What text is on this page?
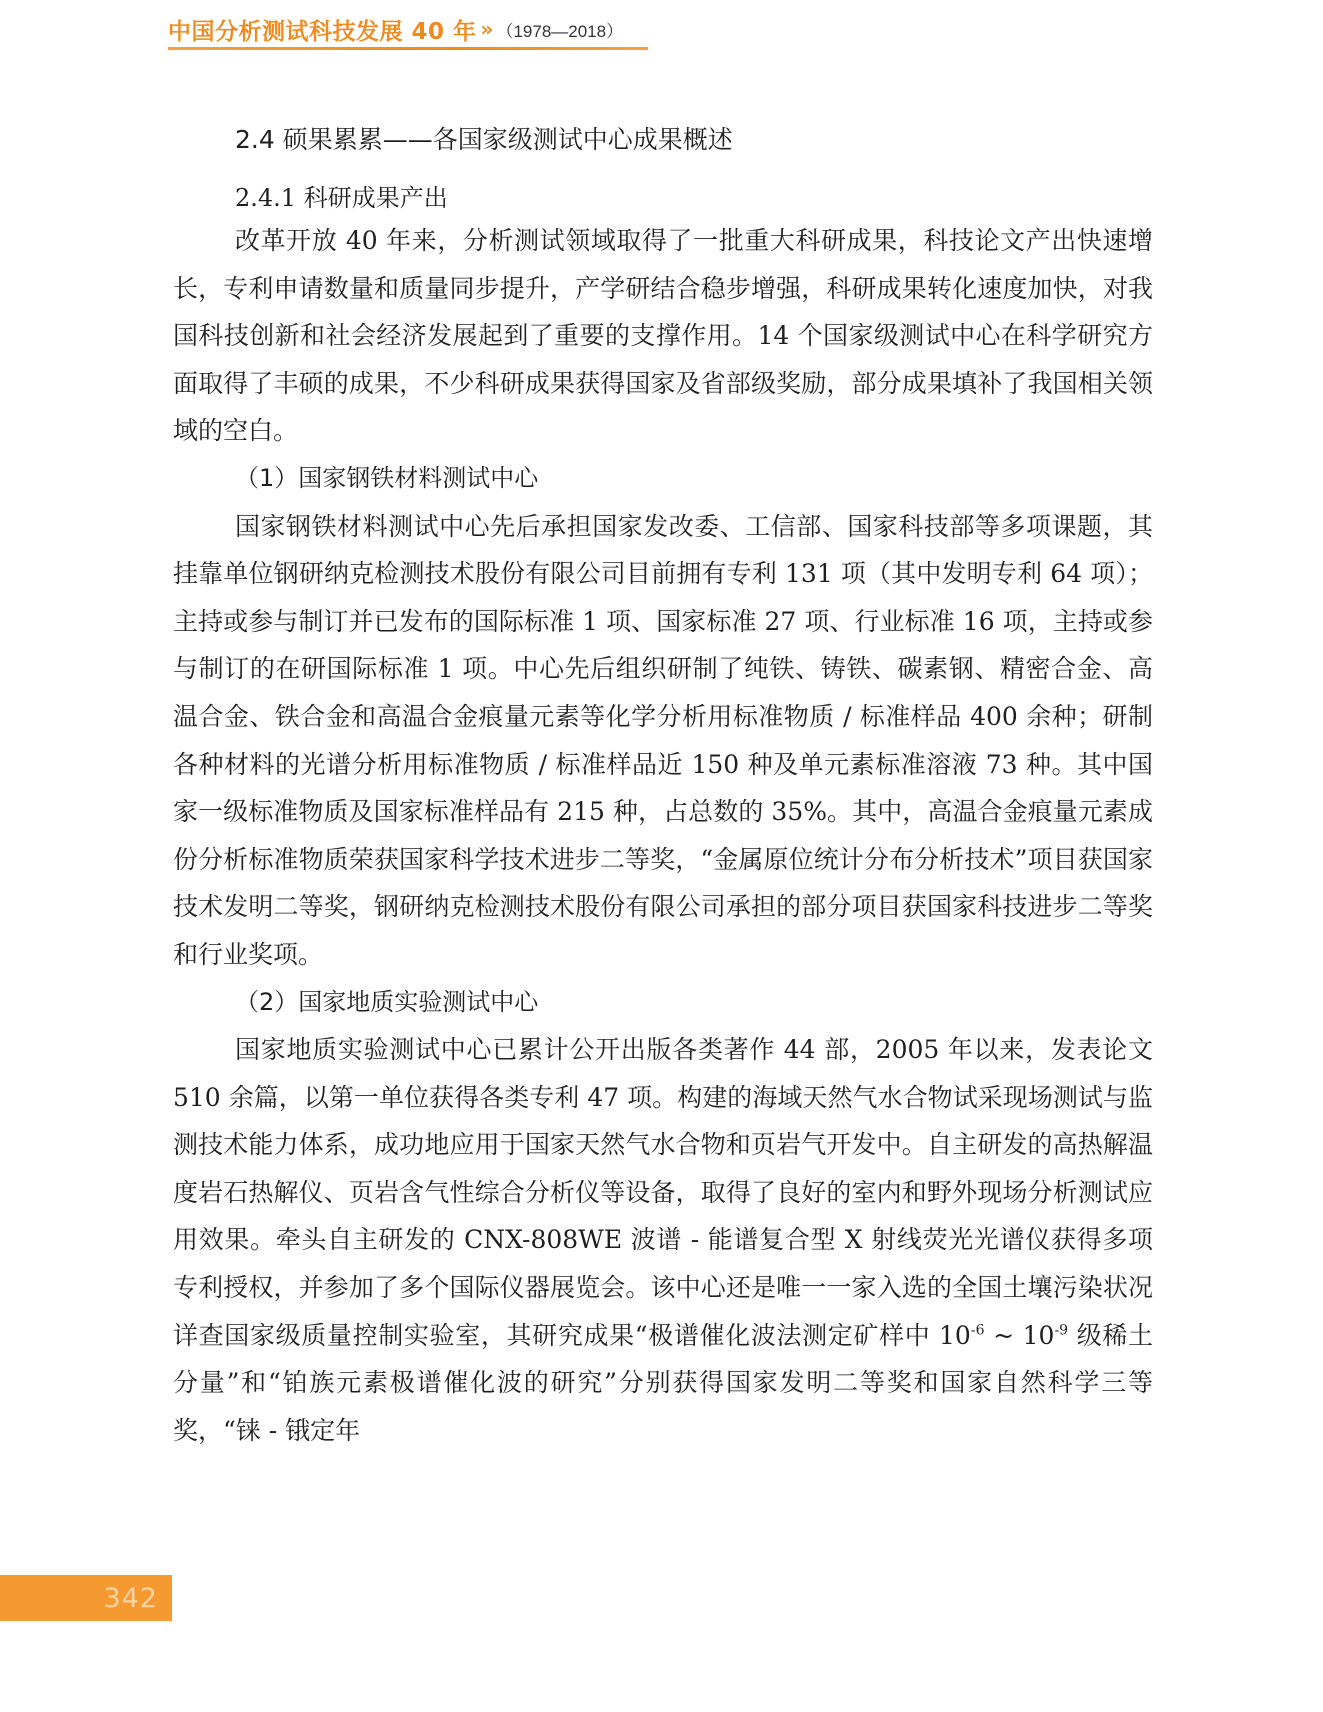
中国分析测试科技发展 40 年 » （1978—2018）
2.4 硕果累累——各国家级测试中心成果概述
2.4.1 科研成果产出

改革开放 40 年来，分析测试领域取得了一批重大科研成果，科技论文产出快速增长，专利申请数量和质量同步提升，产学研结合稳步增强，科研成果转化速度加快，对我国科技创新和社会经济发展起到了重要的支撑作用。14 个国家级测试中心在科学研究方面取得了丰硕的成果，不少科研成果获得国家及省部级奖励，部分成果填补了我国相关领域的空白。

（1）国家钢铁材料测试中心

国家钢铁材料测试中心先后承担国家发改委、工信部、国家科技部等多项课题，其挂靠单位钢研纳克检测技术股份有限公司目前拥有专利 131 项（其中发明专利 64 项）；主持或参与制订并已发布的国际标准 1 项、国家标准 27 项、行业标准 16 项，主持或参与制订的在研国际标准 1 项。中心先后组织研制了纯铁、铸铁、碳素钢、精密合金、高温合金、铁合金和高温合金痕量元素等化学分析用标准物质 / 标准样品 400 余种；研制各种材料的光谱分析用标准物质 / 标准样品近 150 种及单元素标准溶液 73 种。其中国家一级标准物质及国家标准样品有 215 种，占总数的 35%。其中，高温合金痕量元素成份分析标准物质荣获国家科学技术进步二等奖，“金属原位统计分布分析技术”项目获国家技术发明二等奖，钢研纳克检测技术股份有限公司承担的部分项目获国家科技进步二等奖 和行业奖项。

（2）国家地质实验测试中心

国家地质实验测试中心已累计公开出版各类著作 44 部，2005 年以来，发表论文 510 余篇，以第一单位获得各类专利 47 项。构建的海域天然气水合物试采现场测试与监测技术能力体系，成功地应用于国家天然气水合物和页岩气开发中。自主研发的高热解温度岩石热解仪、页岩含气性综合分析仪等设备，取得了良好的室内和野外现场分析测试应用效果。牵头自主研发的 CNX-808WE 波谱 - 能谱复合型 X 射线荧光光谱仪获得多项专利授权，并参加了多个国际仪器展览会。该中心还是唯一一家入选的全国土壤污染状况详查国家级质量控制实验室，其研究成果“极谱催化波法测定矿样中 $10^{-6}$ ~ $10^{-9}$ 级稀土分量”和“铂族元素极谱催化波的研究”分别获得国家发明二等奖和国家自然科学三等奖，“铼 - 锇定年

342
